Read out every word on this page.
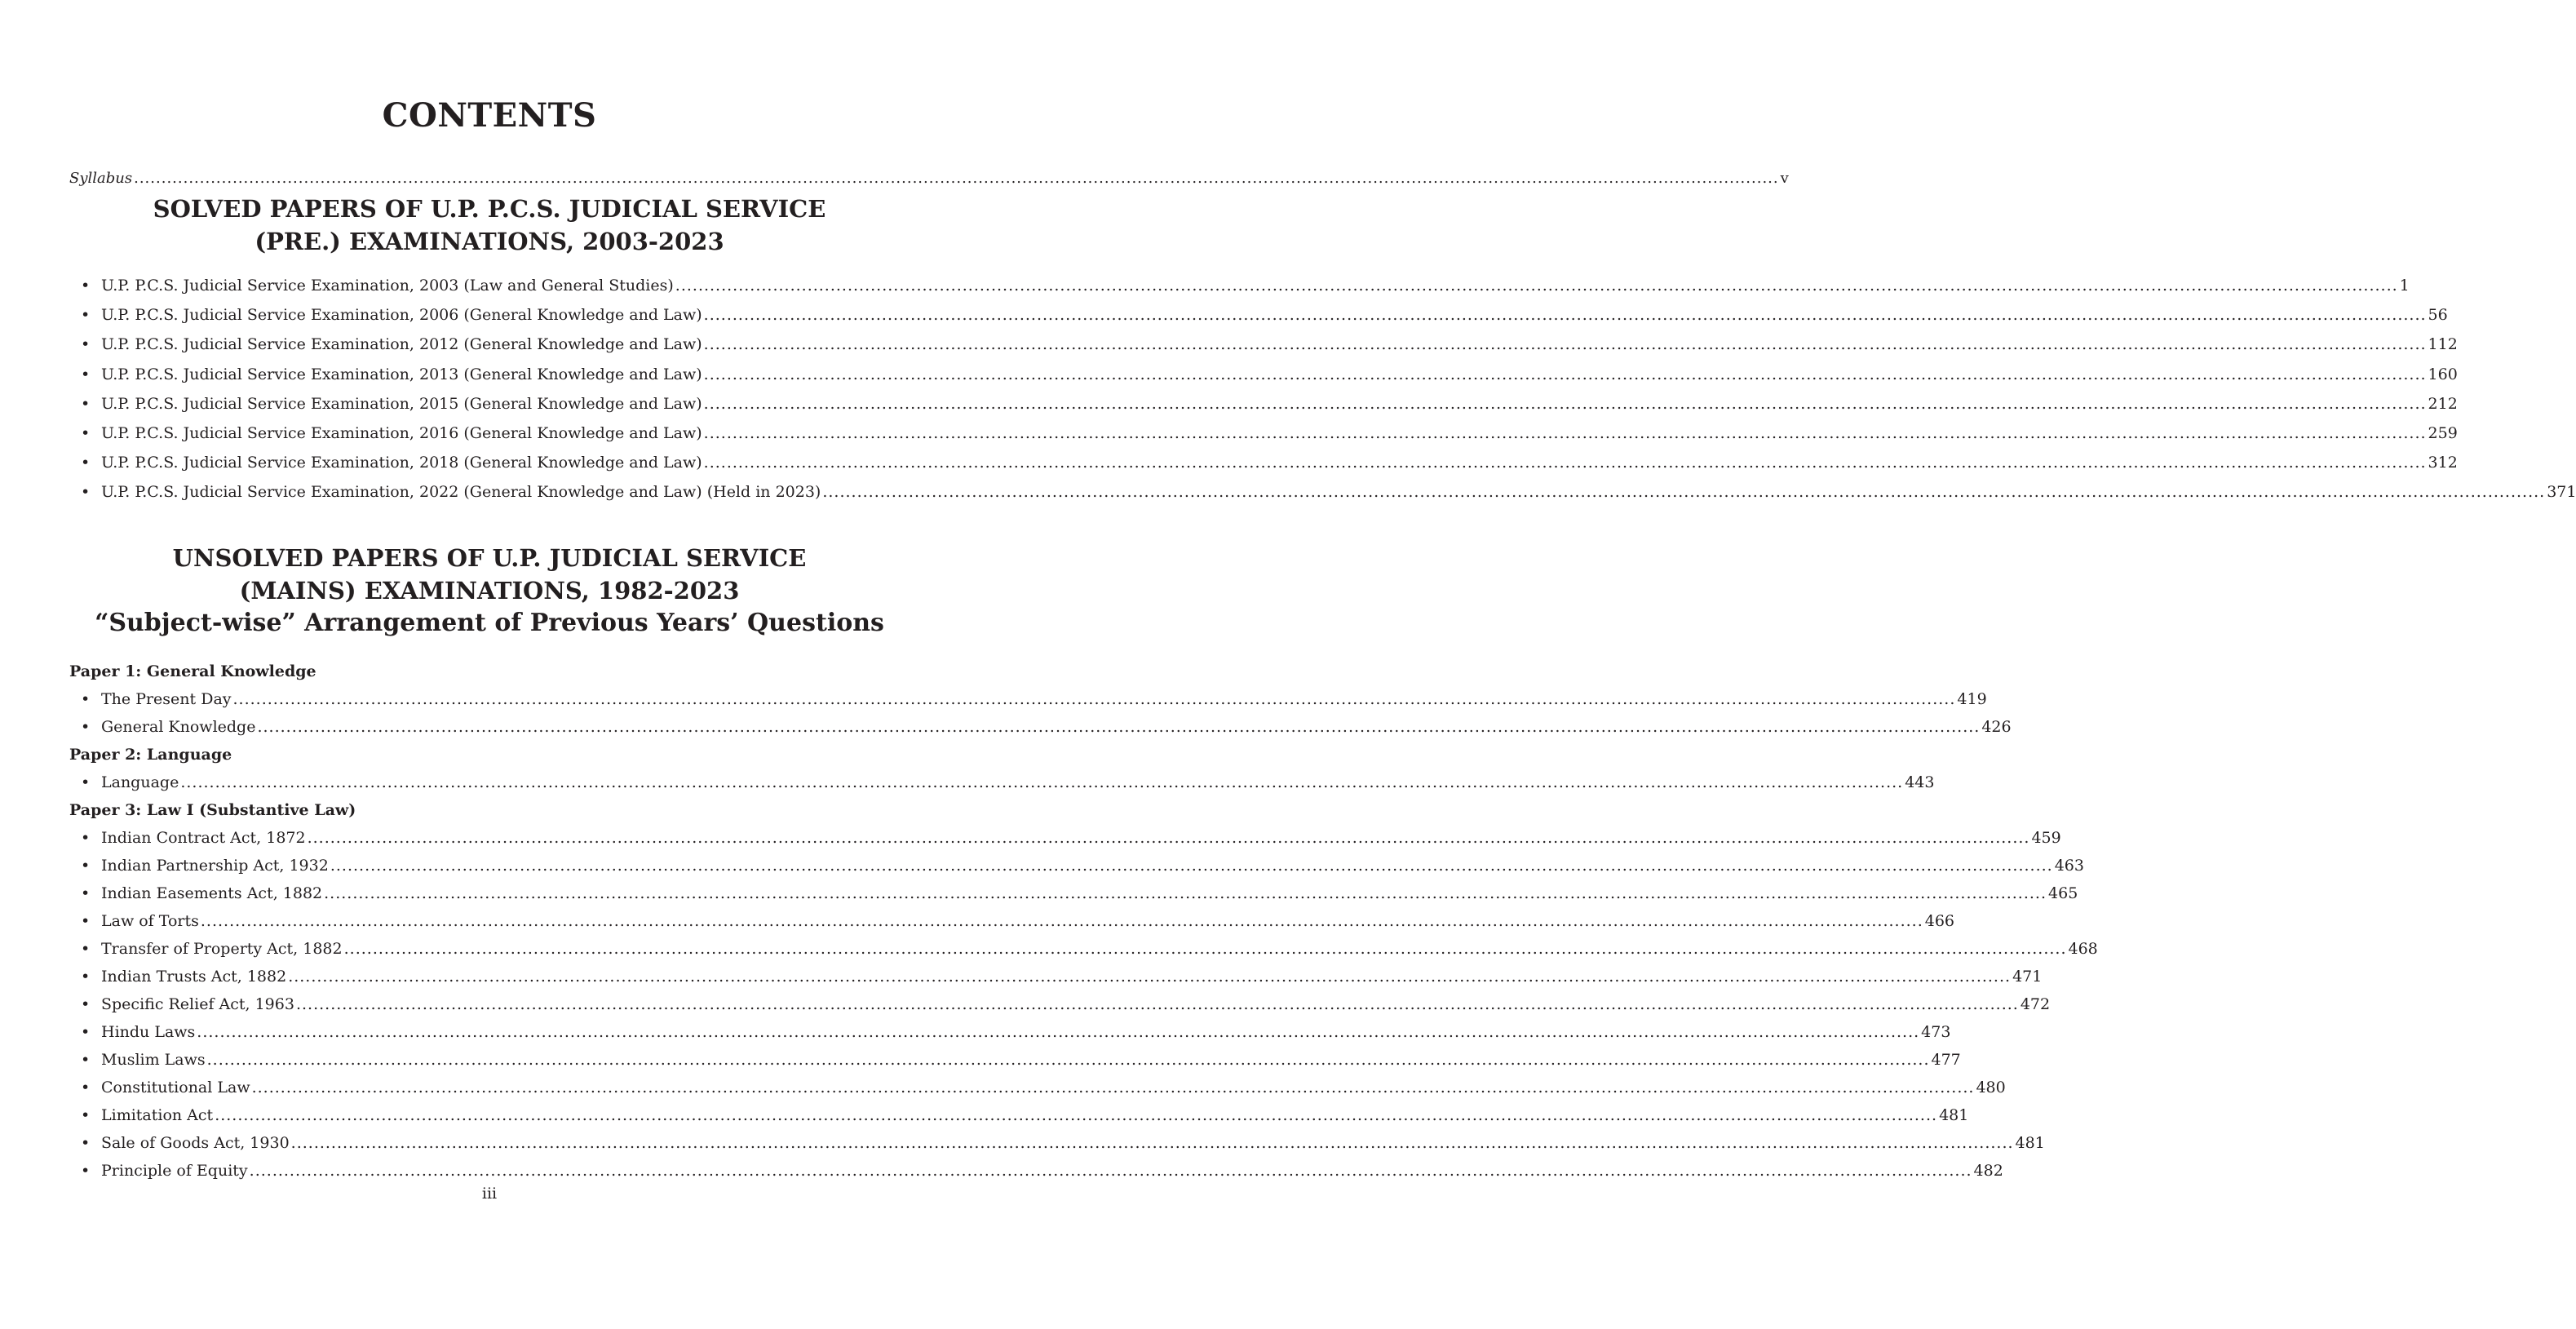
CONTENTS
Syllabus .....	v
SOLVED PAPERS OF U.P. P.C.S. JUDICIAL SERVICE
(PRE.) EXAMINATIONS, 2003-2023
• U.P. P.C.S. Judicial Service Examination, 2003 (Law and General Studies) .....	1
• U.P. P.C.S. Judicial Service Examination, 2006 (General Knowledge and Law) .....	56
• U.P. P.C.S. Judicial Service Examination, 2012 (General Knowledge and Law) .....	112
• U.P. P.C.S. Judicial Service Examination, 2013 (General Knowledge and Law) .....	160
• U.P. P.C.S. Judicial Service Examination, 2015 (General Knowledge and Law) .....	212
• U.P. P.C.S. Judicial Service Examination, 2016 (General Knowledge and Law) .....	259
• U.P. P.C.S. Judicial Service Examination, 2018 (General Knowledge and Law) .....	312
• U.P. P.C.S. Judicial Service Examination, 2022 (General Knowledge and Law) (Held in 2023) .....	371
UNSOLVED PAPERS OF U.P. JUDICIAL SERVICE
(MAINS) EXAMINATIONS, 1982-2023
“Subject-wise” Arrangement of Previous Years’ Questions
Paper 1: General Knowledge
• The Present Day .....	419
• General Knowledge .....	426
Paper 2: Language
• Language .....	443
Paper 3: Law I (Substantive Law)
• Indian Contract Act, 1872 .....	459
• Indian Partnership Act, 1932 .....	463
• Indian Easements Act, 1882 .....	465
• Law of Torts .....	466
• Transfer of Property Act, 1882 .....	468
• Indian Trusts Act, 1882 .....	471
• Specific Relief Act, 1963 .....	472
• Hindu Laws .....	473
• Muslim Laws .....	477
• Constitutional Law .....	480
• Limitation Act .....	481
• Sale of Goods Act, 1930 .....	481
• Principle of Equity .....	482
iii
